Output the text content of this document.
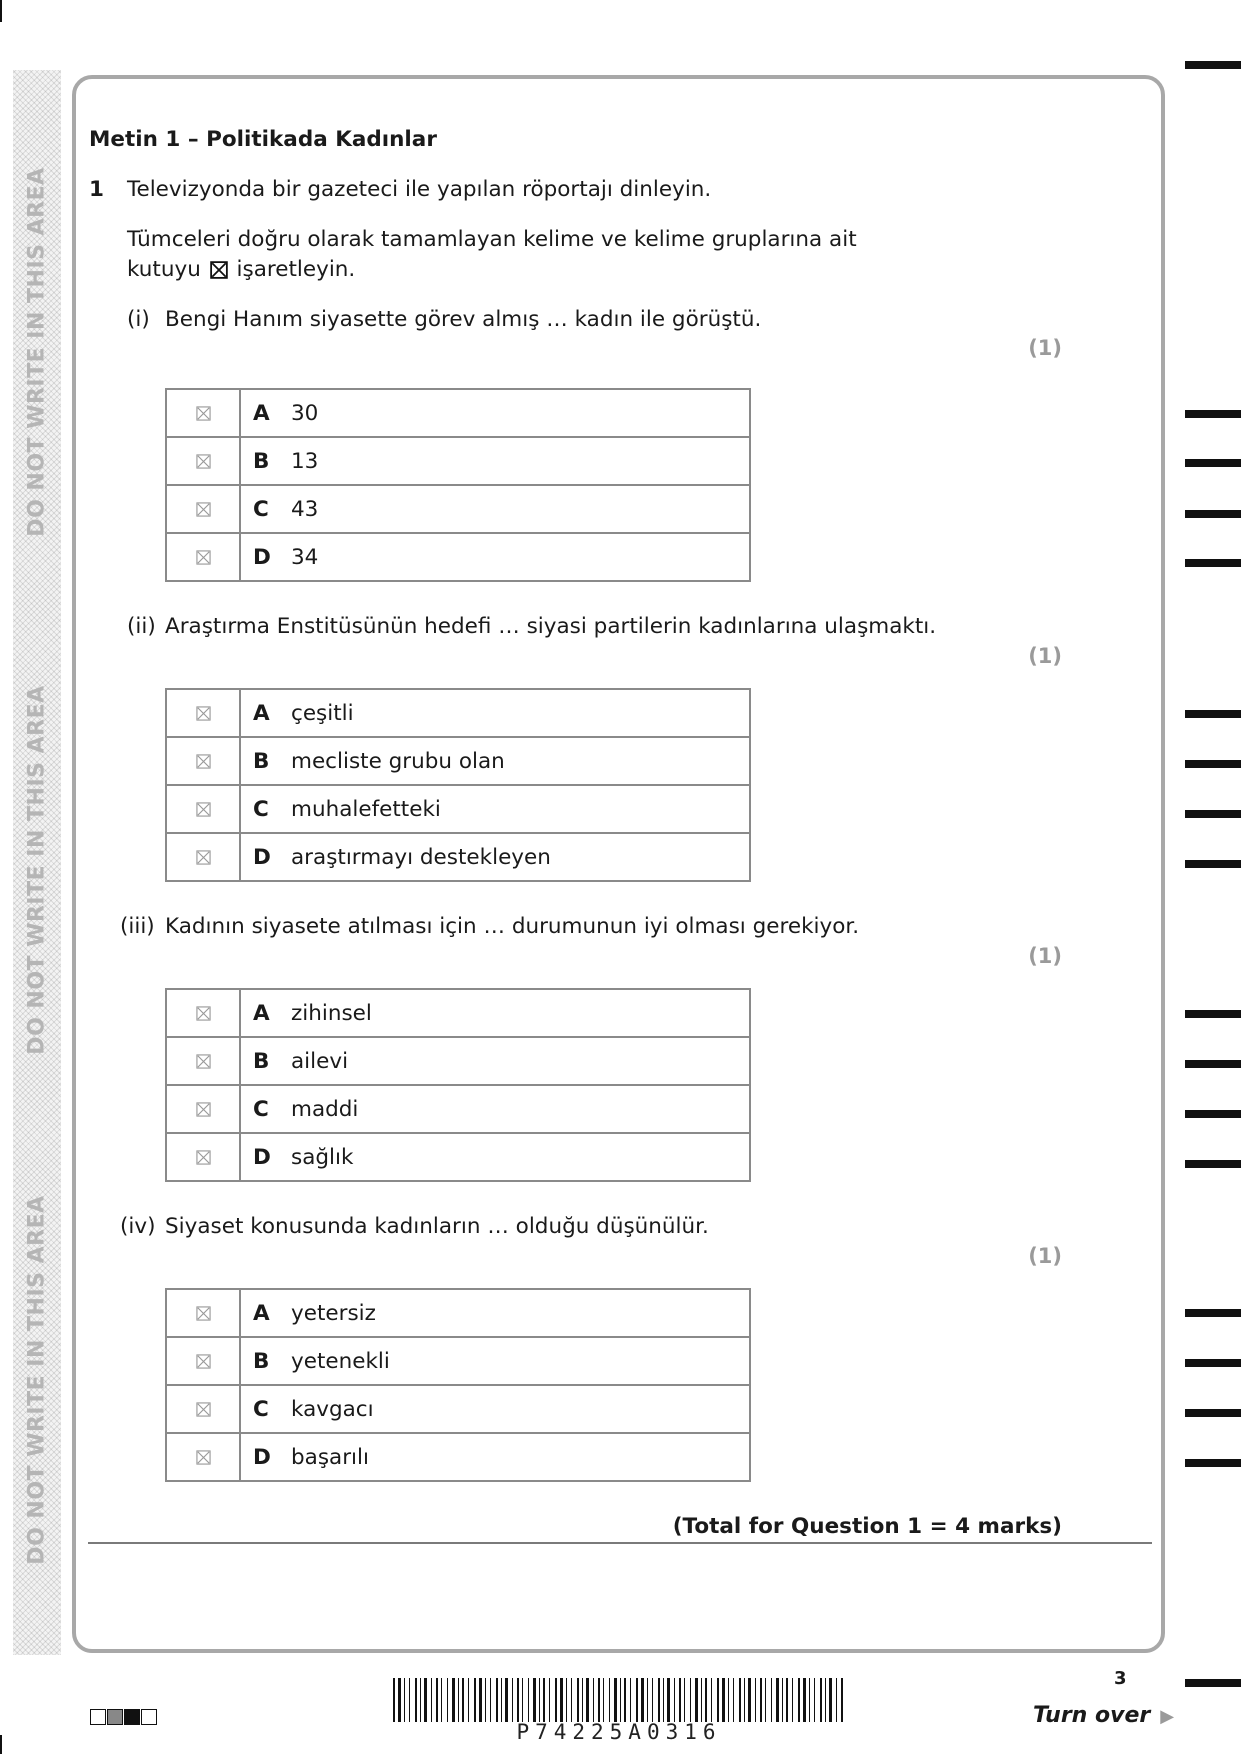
DO NOT WRITE IN THIS AREA
DO NOT WRITE IN THIS AREA
DO NOT WRITE IN THIS AREA
Metin 1 – Politikada Kadınlar
1 Televizyonda bir gazeteci ile yapılan röportajı dinleyin.
Tümceleri doğru olarak tamamlayan kelime ve kelime gruplarına ait
kutuyu ☒ işaretleyin.
(i) Bengi Hanım siyasette görev almış … kadın ile görüştü.
(1)
	A 30
	B 13
	C 43
	D 34
(ii) Araştırma Enstitüsünün hedefi … siyasi partilerin kadınlarına ulaşmaktı.
(1)
	A çeşitli
	B mecliste grubu olan
	C muhalefetteki
	D araştırmayı destekleyen
(iii) Kadının siyasete atılması için … durumunun iyi olması gerekiyor.
(1)
	A zihinsel
	B ailevi
	C maddi
	D sağlık
(iv) Siyaset konusunda kadınların … olduğu düşünülür.
(1)
	A yetersiz
	B yetenekli
	C kavgacı
	D başarılı
(Total for Question 1 = 4 marks)
P74225A0316
3
Turn over ▶
